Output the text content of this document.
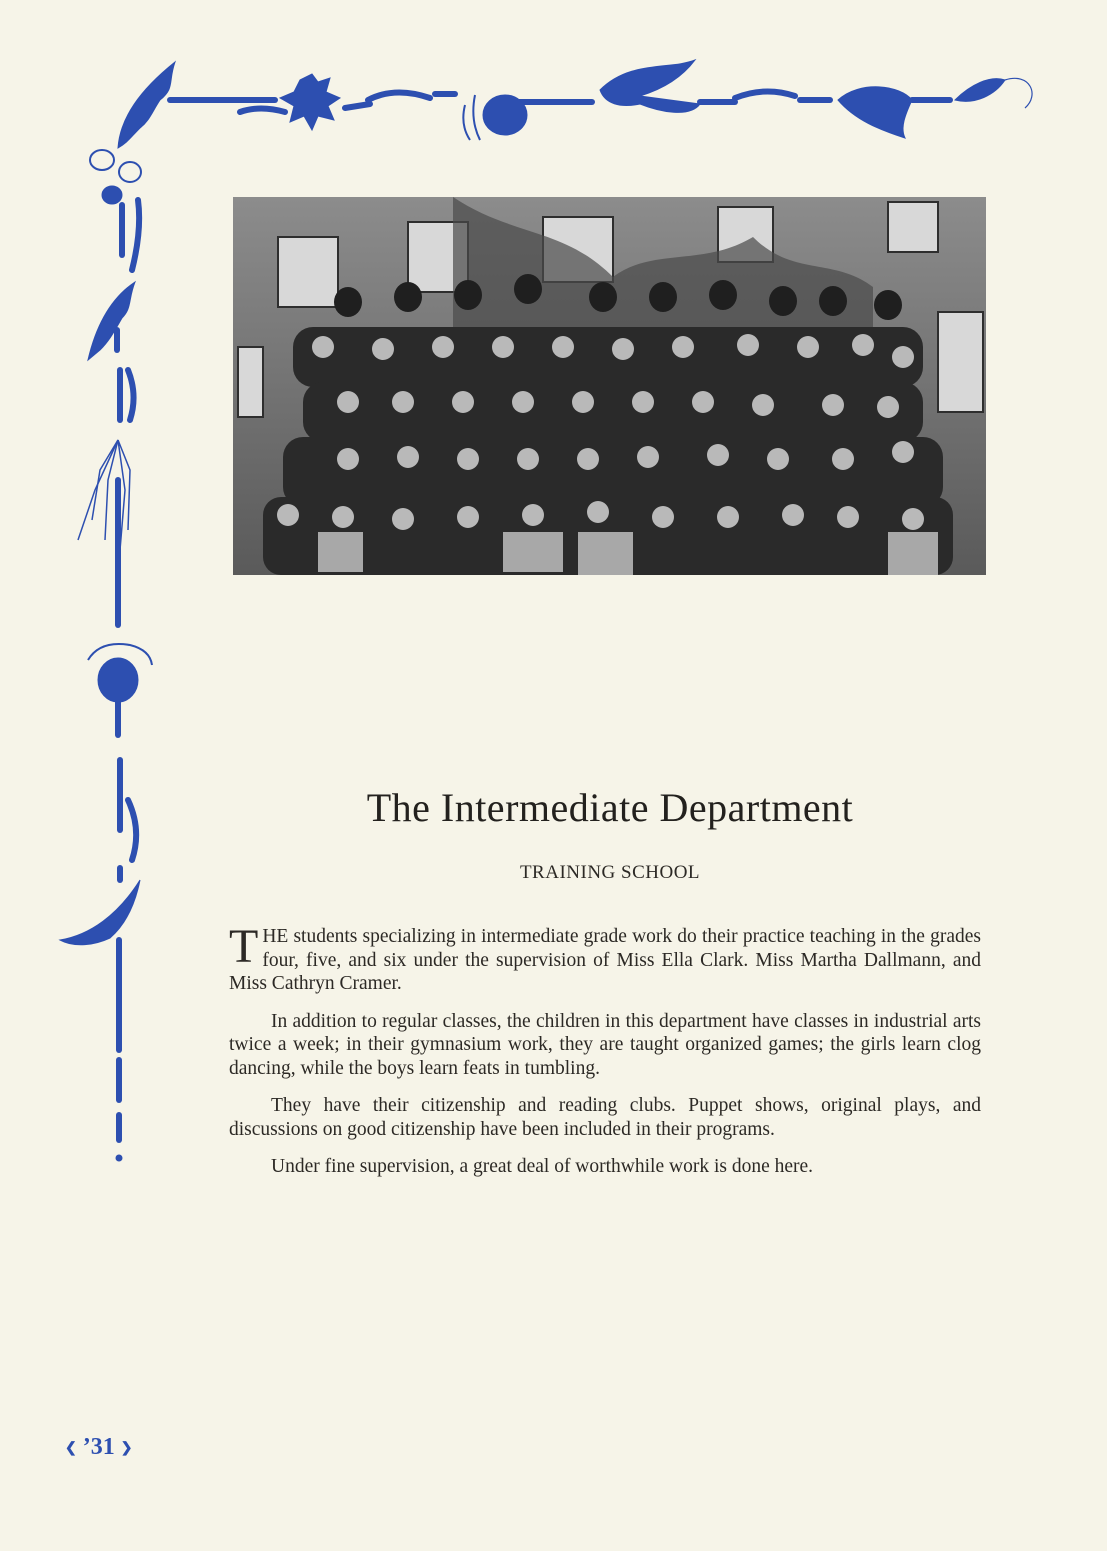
The Intermediate Department
TRAINING SCHOOL

THE students specializing in intermediate grade work do their practice teaching in the grades four, five, and six under the supervision of Miss Ella Clark. Miss Martha Dallmann, and Miss Cathryn Cramer.

In addition to regular classes, the children in this department have classes in industrial arts twice a week; in their gymnasium work, they are taught organized games; the girls learn clog dancing, while the boys learn feats in tumbling.

They have their citizenship and reading clubs. Puppet shows, original plays, and discussions on good citizenship have been included in their programs.

Under fine supervision, a great deal of worthwhile work is done here.

❮ ’31 ❯
